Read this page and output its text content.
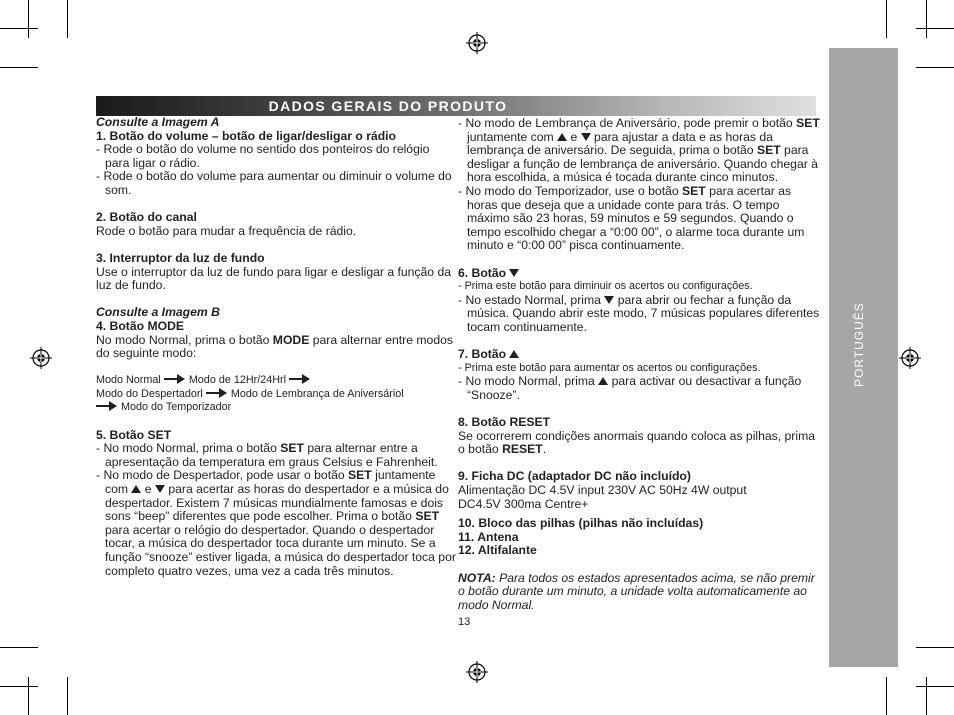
DADOS GERAIS DO PRODUTO
PORTUGUÊS

Consulte a Imagem A

1. Botão do volume – botão de ligar/desligar o rádio

- Rode o botão do volume no sentido dos ponteiros do relógio para ligar o rádio.

- Rode o botão do volume para aumentar ou diminuir o volume do som.

2. Botão do canal

Rode o botão para mudar a frequência de rádio.

3. Interruptor da luz de fundo

Use o interruptor da luz de fundo para ligar e desligar a função da luz de fundo.

Consulte a Imagem B

4. Botão MODE

No modo Normal, prima o botão MODE para alternar entre modos do seguinte modo:

Modo Normal	Modo de 12Hr/24Hrl

Modo do Despertadorl	Modo de Lembrança de Aniversáriol

Modo do Temporizador

5. Botão SET

- No modo Normal, prima o botão SET para alternar entre a apresentação da temperatura em graus Celsius e Fahrenheit.

- No modo de Despertador, pode usar o botão SET juntamente com  e  para acertar as horas do despertador e a música do despertador. Existem 7 músicas mundialmente famosas e dois sons “beep” diferentes que pode escolher. Prima o botão SET para acertar o relógio do despertador. Quando o despertador tocar, a música do despertador toca durante um minuto. Se a função “snooze” estiver ligada, a música do despertador toca por completo quatro vezes, uma vez a cada três minutos.

- No modo de Lembrança de Aniversário, pode premir o botão SET juntamente com  e  para ajustar a data e as horas da lembrança de aniversário. De seguida, prima o botão SET para desligar a função de lembrança de aniversário. Quando chegar à hora escolhida, a música é tocada durante cinco minutos.

- No modo do Temporizador, use o botão SET para acertar as horas que deseja que a unidade conte para trás. O tempo máximo são 23 horas, 59 minutos e 59 segundos. Quando o tempo escolhido chegar a “0:00 00”, o alarme toca durante um minuto e “0:00 00” pisca continuamente.

6. Botão

- Prima este botão para diminuir os acertos ou configurações.

- No estado Normal, prima  para abrir ou fechar a função da música. Quando abrir este modo, 7 músicas populares diferentes tocam continuamente.

7. Botão

- Prima este botão para aumentar os acertos ou configurações.

- No modo Normal, prima  para activar ou desactivar a função “Snooze”.

8. Botão RESET

Se ocorrerem condições anormais quando coloca as pilhas, prima o botão RESET.

9. Ficha DC (adaptador DC não incluído)

Alimentação DC 4.5V input 230V AC 50Hz 4W output

DC4.5V 300ma Centre+

10. Bloco das pilhas (pilhas não incluídas)

11. Antena

12. Altifalante

NOTA: Para todos os estados apresentados acima, se não premir o botão durante um minuto, a unidade volta automaticamente ao modo Normal.

13
